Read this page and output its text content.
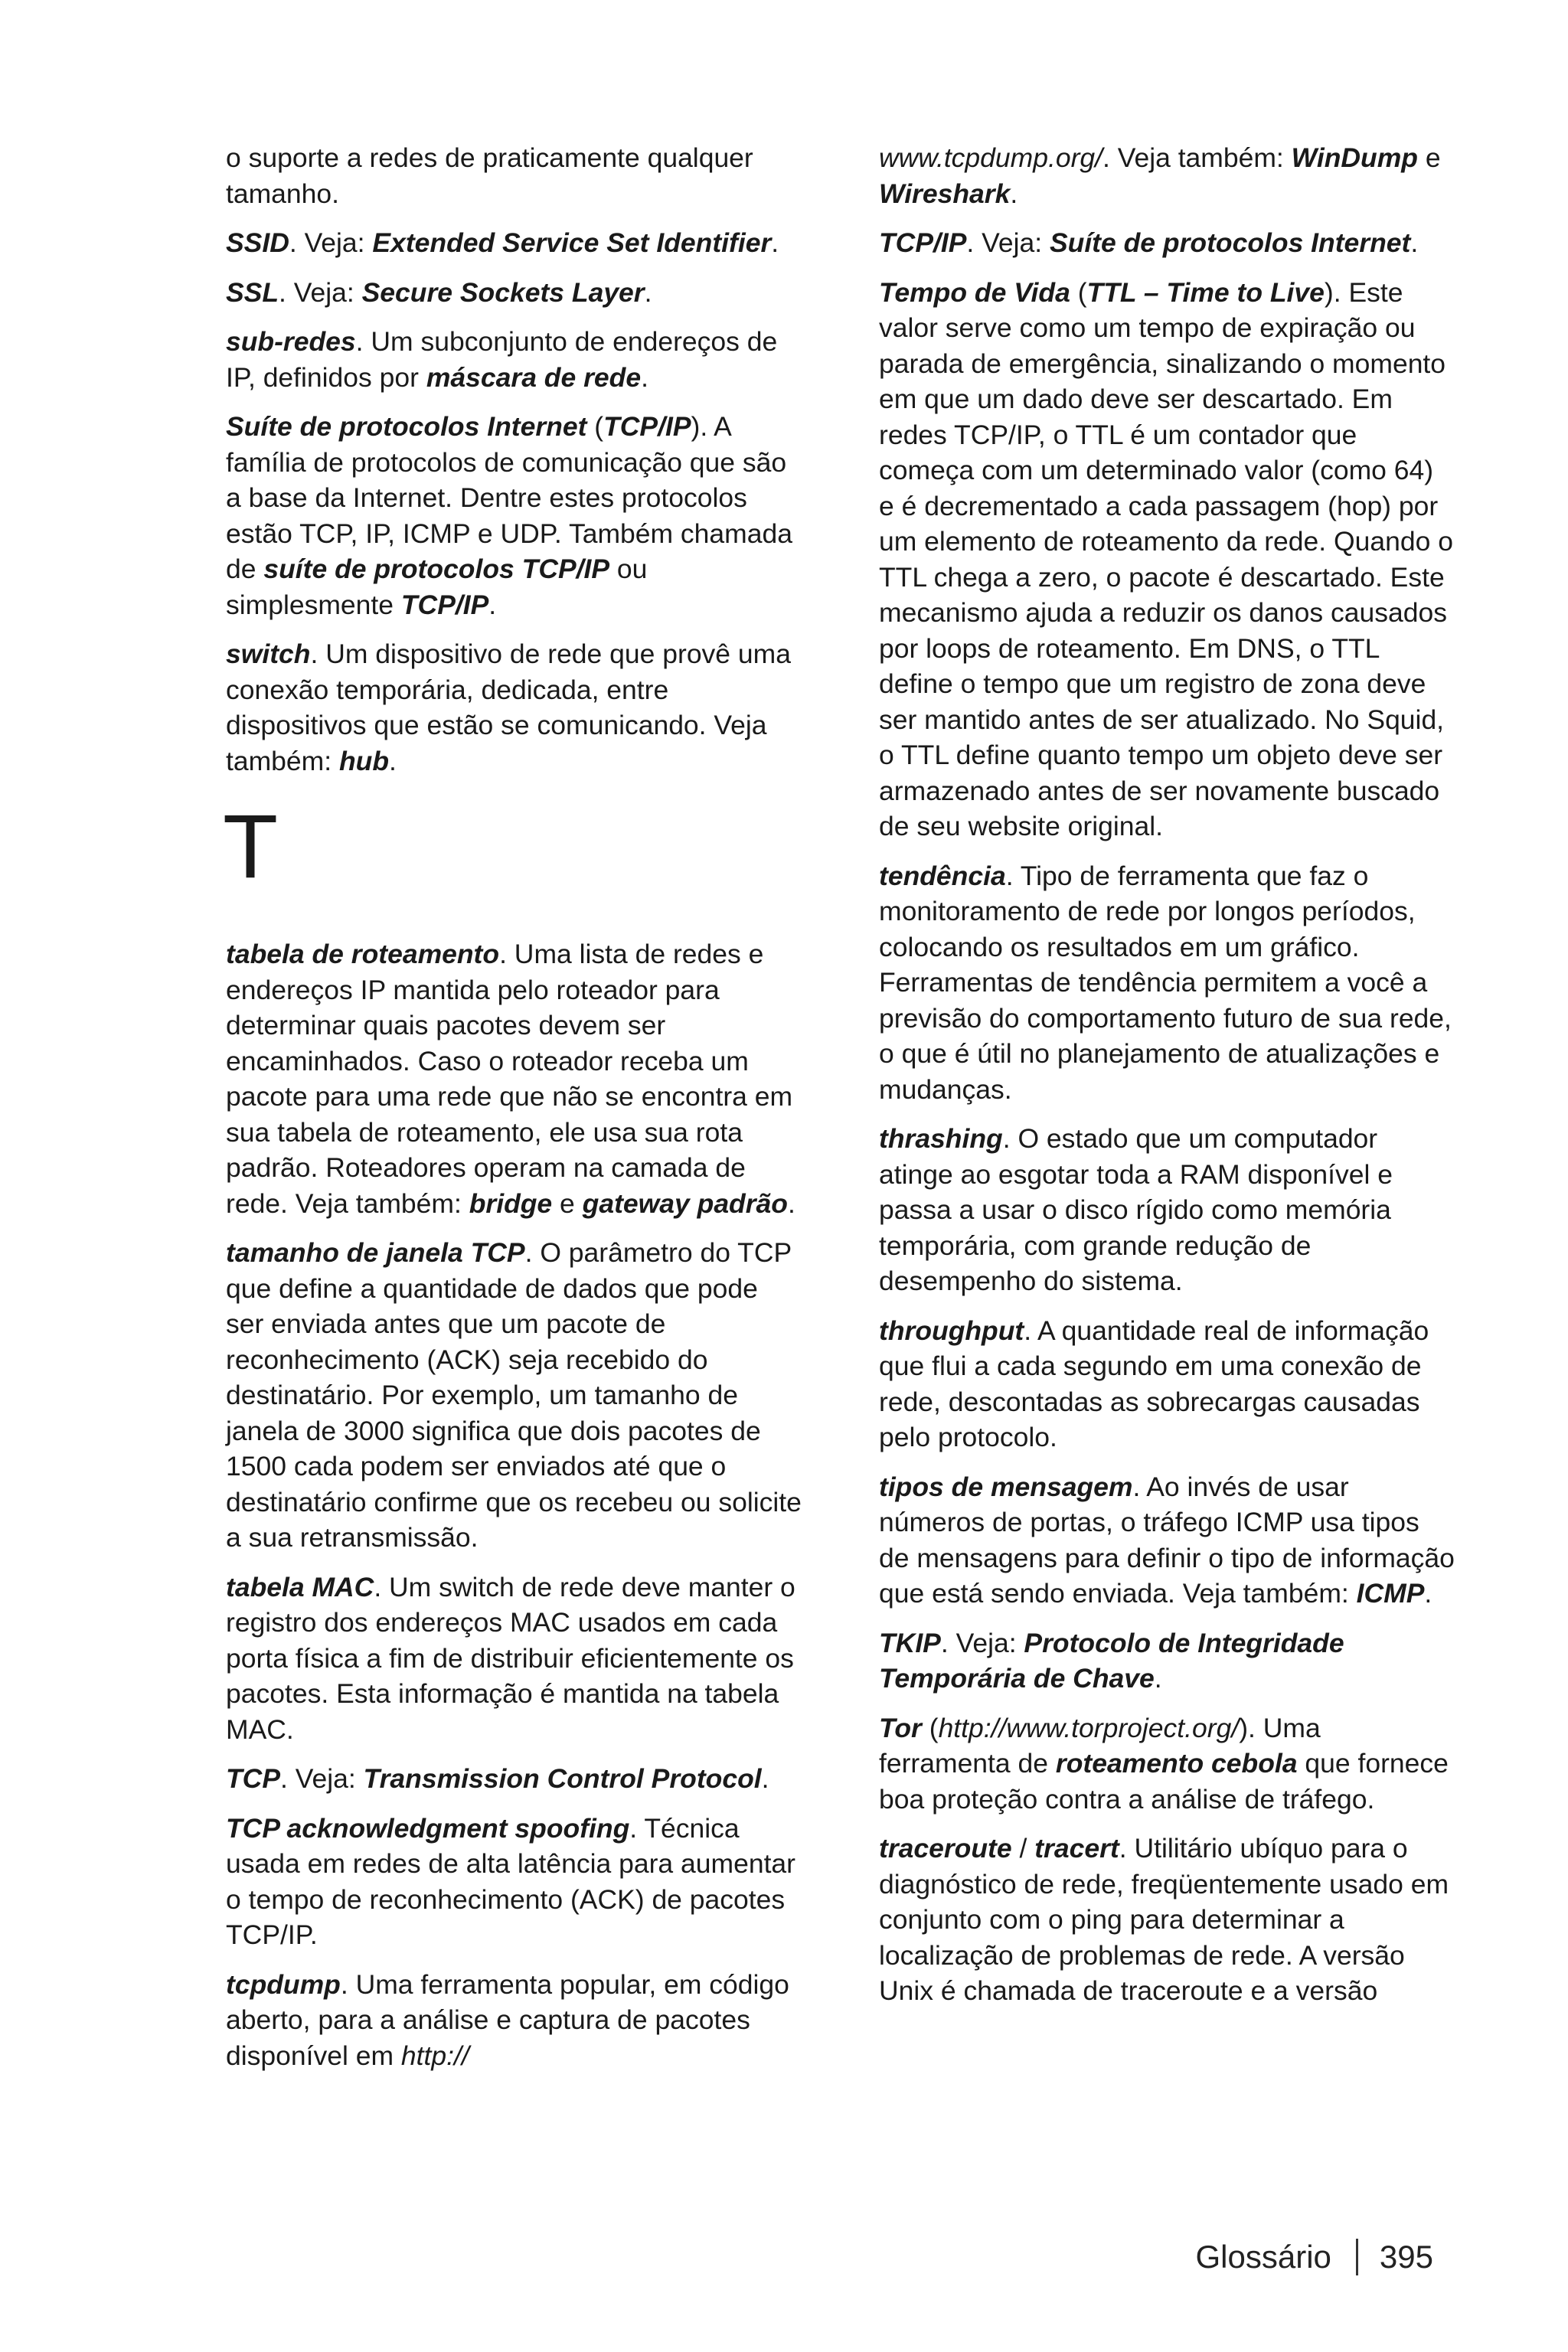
o suporte a redes de praticamente qualquer tamanho.

SSID. Veja: Extended Service Set Identifier.

SSL. Veja: Secure Sockets Layer.

sub-redes. Um subconjunto de endereços de IP, definidos por máscara de rede.

Suíte de protocolos Internet (TCP/IP). A família de protocolos de comunicação que são a base da Internet. Dentre estes protocolos estão TCP, IP, ICMP e UDP. Também chamada de suíte de protocolos TCP/IP ou simplesmente TCP/IP.

switch. Um dispositivo de rede que provê uma conexão temporária, dedicada, entre dispositivos que estão se comunicando. Veja também: hub.

T

tabela de roteamento. Uma lista de redes e endereços IP mantida pelo roteador para determinar quais pacotes devem ser encaminhados. Caso o roteador receba um pacote para uma rede que não se encontra em sua tabela de roteamento, ele usa sua rota padrão. Roteadores operam na camada de rede. Veja também: bridge e gateway padrão.

tamanho de janela TCP. O parâmetro do TCP que define a quantidade de dados que pode ser enviada antes que um pacote de reconhecimento (ACK) seja recebido do destinatário. Por exemplo, um tamanho de janela de 3000 significa que dois pacotes de 1500 cada podem ser enviados até que o destinatário confirme que os recebeu ou solicite a sua retransmissão.

tabela MAC. Um switch de rede deve manter o registro dos endereços MAC usados em cada porta física a fim de distribuir eficientemente os pacotes. Esta informação é mantida na tabela MAC.

TCP. Veja: Transmission Control Protocol.

TCP acknowledgment spoofing. Técnica usada em redes de alta latência para aumentar o tempo de reconhecimento (ACK) de pacotes TCP/IP.

tcpdump. Uma ferramenta popular, em código aberto, para a análise e captura de pacotes disponível em http://

www.tcpdump.org/. Veja também: WinDump e Wireshark.

TCP/IP. Veja: Suíte de protocolos Internet.

Tempo de Vida (TTL – Time to Live). Este valor serve como um tempo de expiração ou parada de emergência, sinalizando o momento em que um dado deve ser descartado. Em redes TCP/IP, o TTL é um contador que começa com um determinado valor (como 64) e é decrementado a cada passagem (hop) por um elemento de roteamento da rede. Quando o TTL chega a zero, o pacote é descartado. Este mecanismo ajuda a reduzir os danos causados por loops de roteamento. Em DNS, o TTL define o tempo que um registro de zona deve ser mantido antes de ser atualizado. No Squid, o TTL define quanto tempo um objeto deve ser armazenado antes de ser novamente buscado de seu website original.

tendência. Tipo de ferramenta que faz o monitoramento de rede por longos períodos, colocando os resultados em um gráfico. Ferramentas de tendência permitem a você a previsão do comportamento futuro de sua rede, o que é útil no planejamento de atualizações e mudanças.

thrashing. O estado que um computador atinge ao esgotar toda a RAM disponível e passa a usar o disco rígido como memória temporária, com grande redução de desempenho do sistema.

throughput. A quantidade real de informação que flui a cada segundo em uma conexão de rede, descontadas as sobrecargas causadas pelo protocolo.

tipos de mensagem. Ao invés de usar números de portas, o tráfego ICMP usa tipos de mensagens para definir o tipo de informação que está sendo enviada. Veja também: ICMP.

TKIP. Veja: Protocolo de Integridade Temporária de Chave.

Tor (http://www.torproject.org/). Uma ferramenta de roteamento cebola que fornece boa proteção contra a análise de tráfego.

traceroute / tracert. Utilitário ubíquo para o diagnóstico de rede, freqüentemente usado em conjunto com o ping para determinar a localização de problemas de rede. A versão Unix é chamada de traceroute e a versão

Glossário 395
